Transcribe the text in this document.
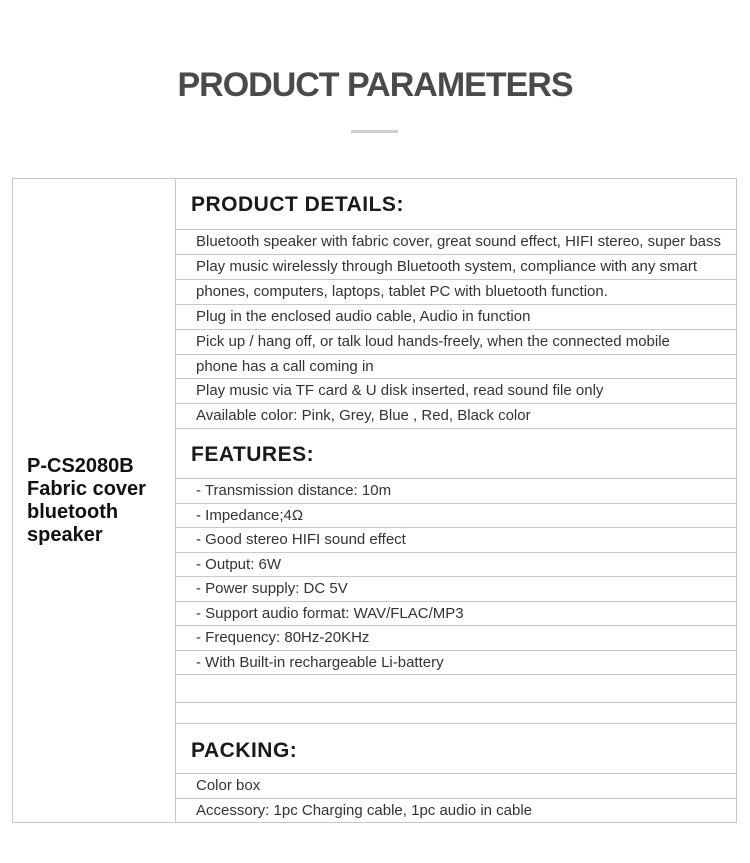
PRODUCT PARAMETERS
P-CS2080B
Fabric cover
bluetooth
speaker
PRODUCT DETAILS:
Bluetooth speaker with fabric cover, great sound effect, HIFI stereo, super bass
Play music wirelessly through Bluetooth system, compliance with any smart
phones, computers, laptops, tablet PC with bluetooth function.
Plug in the enclosed audio cable, Audio in function
Pick up / hang off, or talk loud hands-freely, when the connected mobile
phone has a call coming in
Play music via TF card & U disk inserted, read sound file only
Available color: Pink, Grey, Blue , Red, Black color
FEATURES:
- Transmission distance: 10m
- Impedance;4Ω
- Good stereo HIFI sound effect
- Output: 6W
- Power supply: DC 5V
- Support audio format: WAV/FLAC/MP3
- Frequency: 80Hz-20KHz
- With Built-in rechargeable Li-battery
PACKING:
Color box
Accessory: 1pc Charging cable, 1pc audio in cable
